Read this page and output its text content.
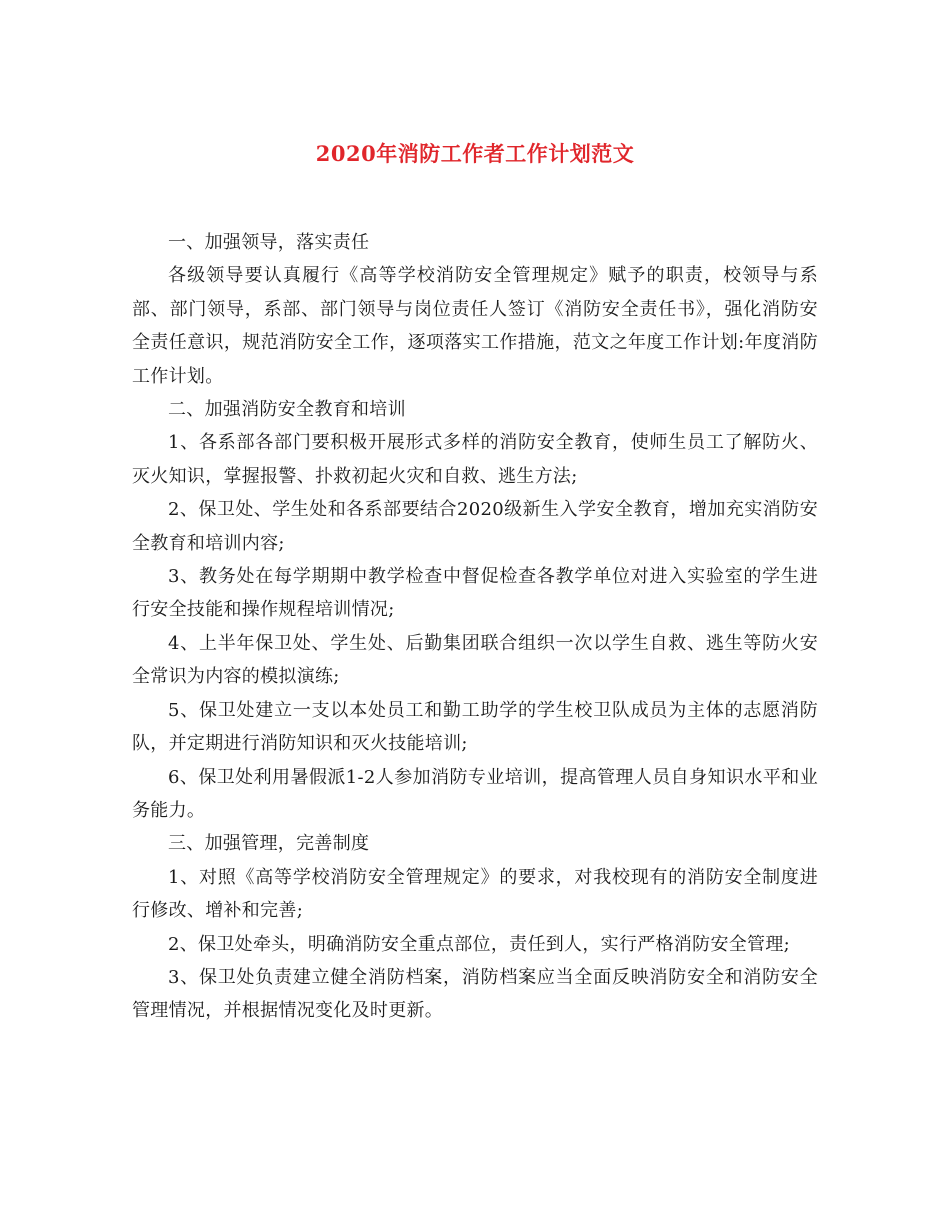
2020年消防工作者工作计划范文

一、加强领导，落实责任

各级领导要认真履行《高等学校消防安全管理规定》赋予的职责，校领导与系部、部门领导，系部、部门领导与岗位责任人签订《消防安全责任书》，强化消防安全责任意识，规范消防安全工作，逐项落实工作措施，范文之年度工作计划:年度消防工作计划。

二、加强消防安全教育和培训

1、各系部各部门要积极开展形式多样的消防安全教育，使师生员工了解防火、灭火知识，掌握报警、扑救初起火灾和自救、逃生方法;

2、保卫处、学生处和各系部要结合2020级新生入学安全教育，增加充实消防安全教育和培训内容;

3、教务处在每学期期中教学检查中督促检查各教学单位对进入实验室的学生进行安全技能和操作规程培训情况;

4、上半年保卫处、学生处、后勤集团联合组织一次以学生自救、逃生等防火安全常识为内容的模拟演练;

5、保卫处建立一支以本处员工和勤工助学的学生校卫队成员为主体的志愿消防队，并定期进行消防知识和灭火技能培训;

6、保卫处利用暑假派1-2人参加消防专业培训，提高管理人员自身知识水平和业务能力。

三、加强管理，完善制度

1、对照《高等学校消防安全管理规定》的要求，对我校现有的消防安全制度进行修改、增补和完善;

2、保卫处牵头，明确消防安全重点部位，责任到人，实行严格消防安全管理;

3、保卫处负责建立健全消防档案，消防档案应当全面反映消防安全和消防安全管理情况，并根据情况变化及时更新。
